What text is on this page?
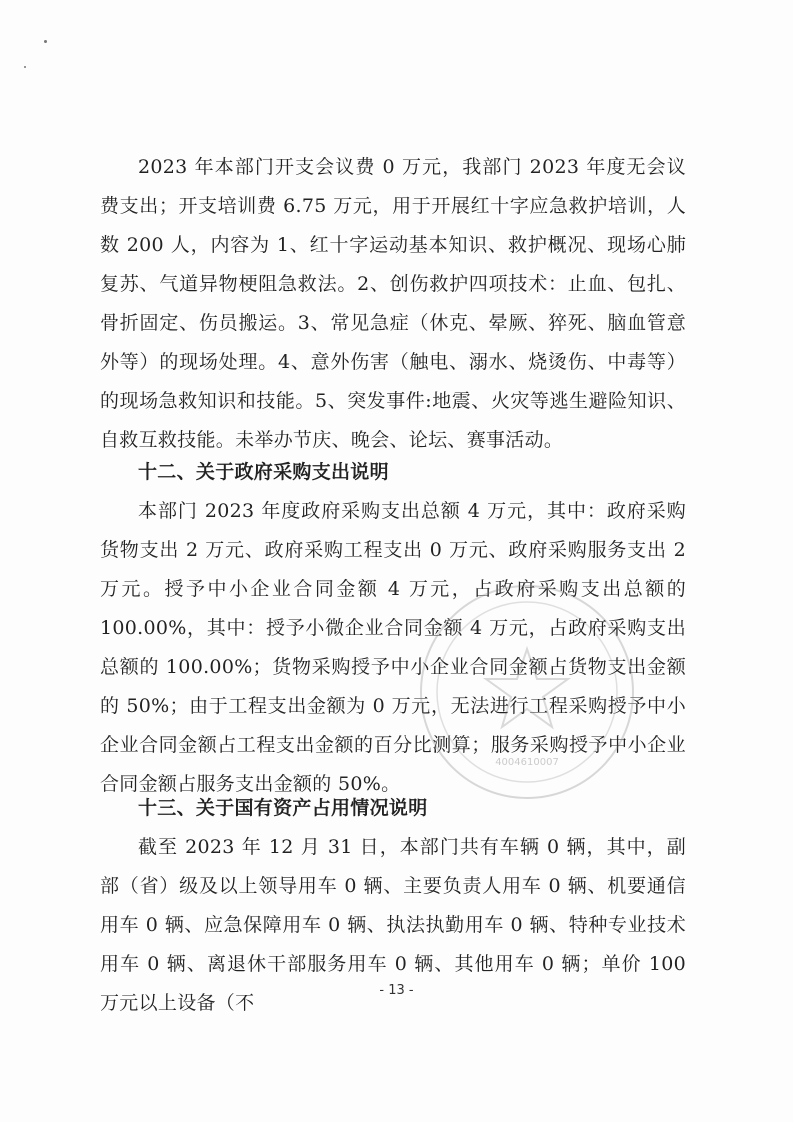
2023 年本部门开支会议费 0 万元，我部门 2023 年度无会议费支出；开支培训费 6.75 万元，用于开展红十字应急救护培训，人数 200 人，内容为 1、红十字运动基本知识、救护概况、现场心肺复苏、气道异物梗阻急救法。2、创伤救护四项技术：止血、包扎、骨折固定、伤员搬运。3、常见急症（休克、晕厥、猝死、脑血管意外等）的现场处理。4、意外伤害（触电、溺水、烧烫伤、中毒等）的现场急救知识和技能。5、突发事件:地震、火灾等逃生避险知识、自救互救技能。未举办节庆、晚会、论坛、赛事活动。

十二、关于政府采购支出说明

本部门 2023 年度政府采购支出总额 4 万元，其中：政府采购货物支出 2 万元、政府采购工程支出 0 万元、政府采购服务支出 2 万元。授予中小企业合同金额 4 万元，占政府采购支出总额的 100.00%，其中：授予小微企业合同金额 4 万元，占政府采购支出总额的 100.00%；货物采购授予中小企业合同金额占货物支出金额的 50%；由于工程支出金额为 0 万元，无法进行工程采购授予中小企业合同金额占工程支出金额的百分比测算；服务采购授予中小企业合同金额占服务支出金额的 50%。

十三、关于国有资产占用情况说明

截至 2023 年 12 月 31 日，本部门共有车辆 0 辆，其中，副部（省）级及以上领导用车 0 辆、主要负责人用车 0 辆、机要通信用车 0 辆、应急保障用车 0 辆、执法执勤用车 0 辆、特种专业技术用车 0 辆、离退休干部服务用车 0 辆、其他用车 0 辆；单价 100 万元以上设备（不

4004610007
- 13 -
